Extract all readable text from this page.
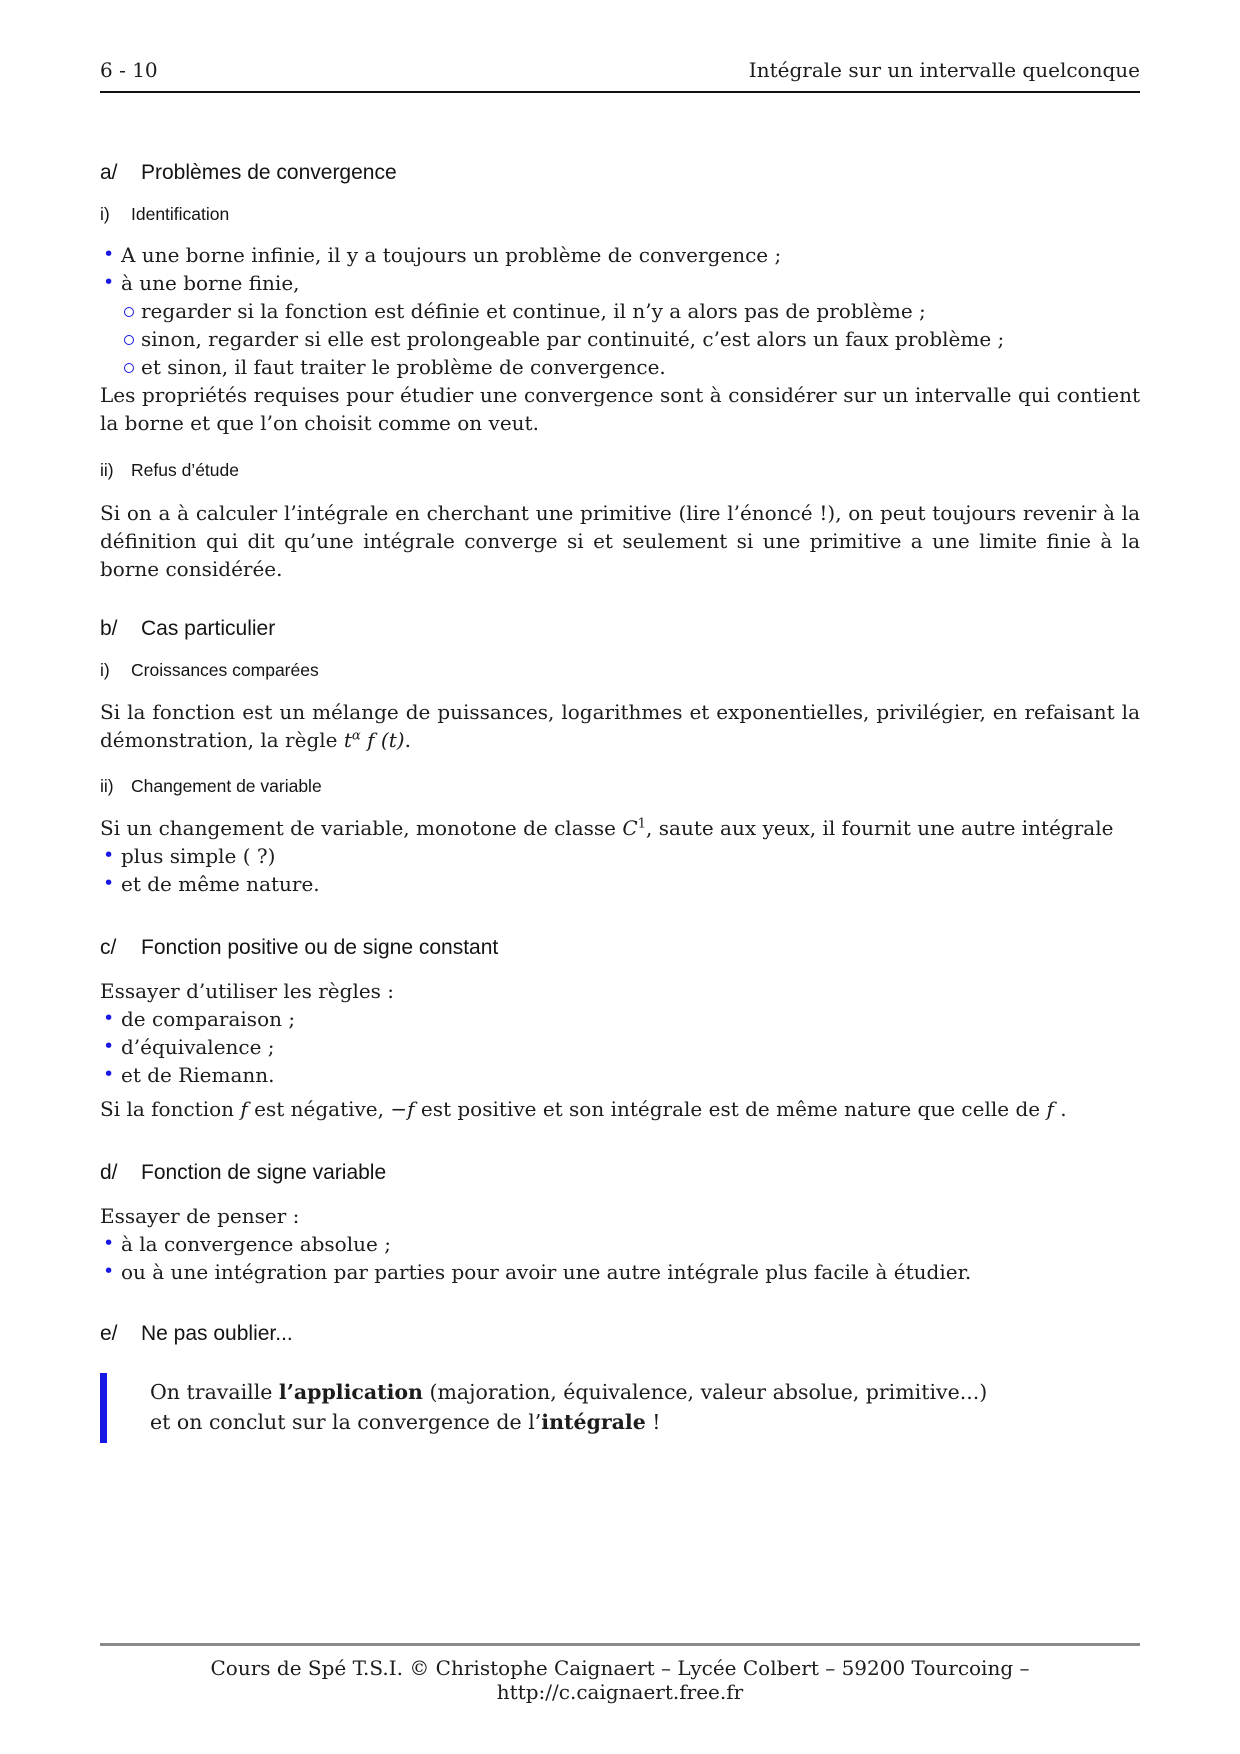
6 - 10	Intégrale sur un intervalle quelconque
a/ Problèmes de convergence
i) Identification
• A une borne infinie, il y a toujours un problème de convergence ;
• à une borne finie,
regarder si la fonction est définie et continue, il n’y a alors pas de problème ;
sinon, regarder si elle est prolongeable par continuité, c’est alors un faux problème ;
et sinon, il faut traiter le problème de convergence.
Les propriétés requises pour étudier une convergence sont à considérer sur un intervalle qui contient la borne et que l’on choisit comme on veut.
ii) Refus d’étude
Si on a à calculer l’intégrale en cherchant une primitive (lire l’énoncé !), on peut toujours revenir à la définition qui dit qu’une intégrale converge si et seulement si une primitive a une limite finie à la borne considérée.
b/ Cas particulier
i) Croissances comparées
Si la fonction est un mélange de puissances, logarithmes et exponentielles, privilégier, en refaisant la démonstration, la règle $t^\alpha$ f (t).
ii) Changement de variable
Si un changement de variable, monotone de classe $C^1$, saute aux yeux, il fournit une autre intégrale
• plus simple ( ?)
• et de même nature.
c/ Fonction positive ou de signe constant
Essayer d’utiliser les règles :
• de comparaison ;
• d’équivalence ;
• et de Riemann.
Si la fonction f est négative, −f est positive et son intégrale est de même nature que celle de f .
d/ Fonction de signe variable
Essayer de penser :
• à la convergence absolue ;
• ou à une intégration par parties pour avoir une autre intégrale plus facile à étudier.
e/ Ne pas oublier...
On travaille l’application (majoration, équivalence, valeur absolue, primitive...)
et on conclut sur la convergence de l’intégrale !
Cours de Spé T.S.I. © Christophe Caignaert – Lycée Colbert – 59200 Tourcoing – http://c.caignaert.free.fr
